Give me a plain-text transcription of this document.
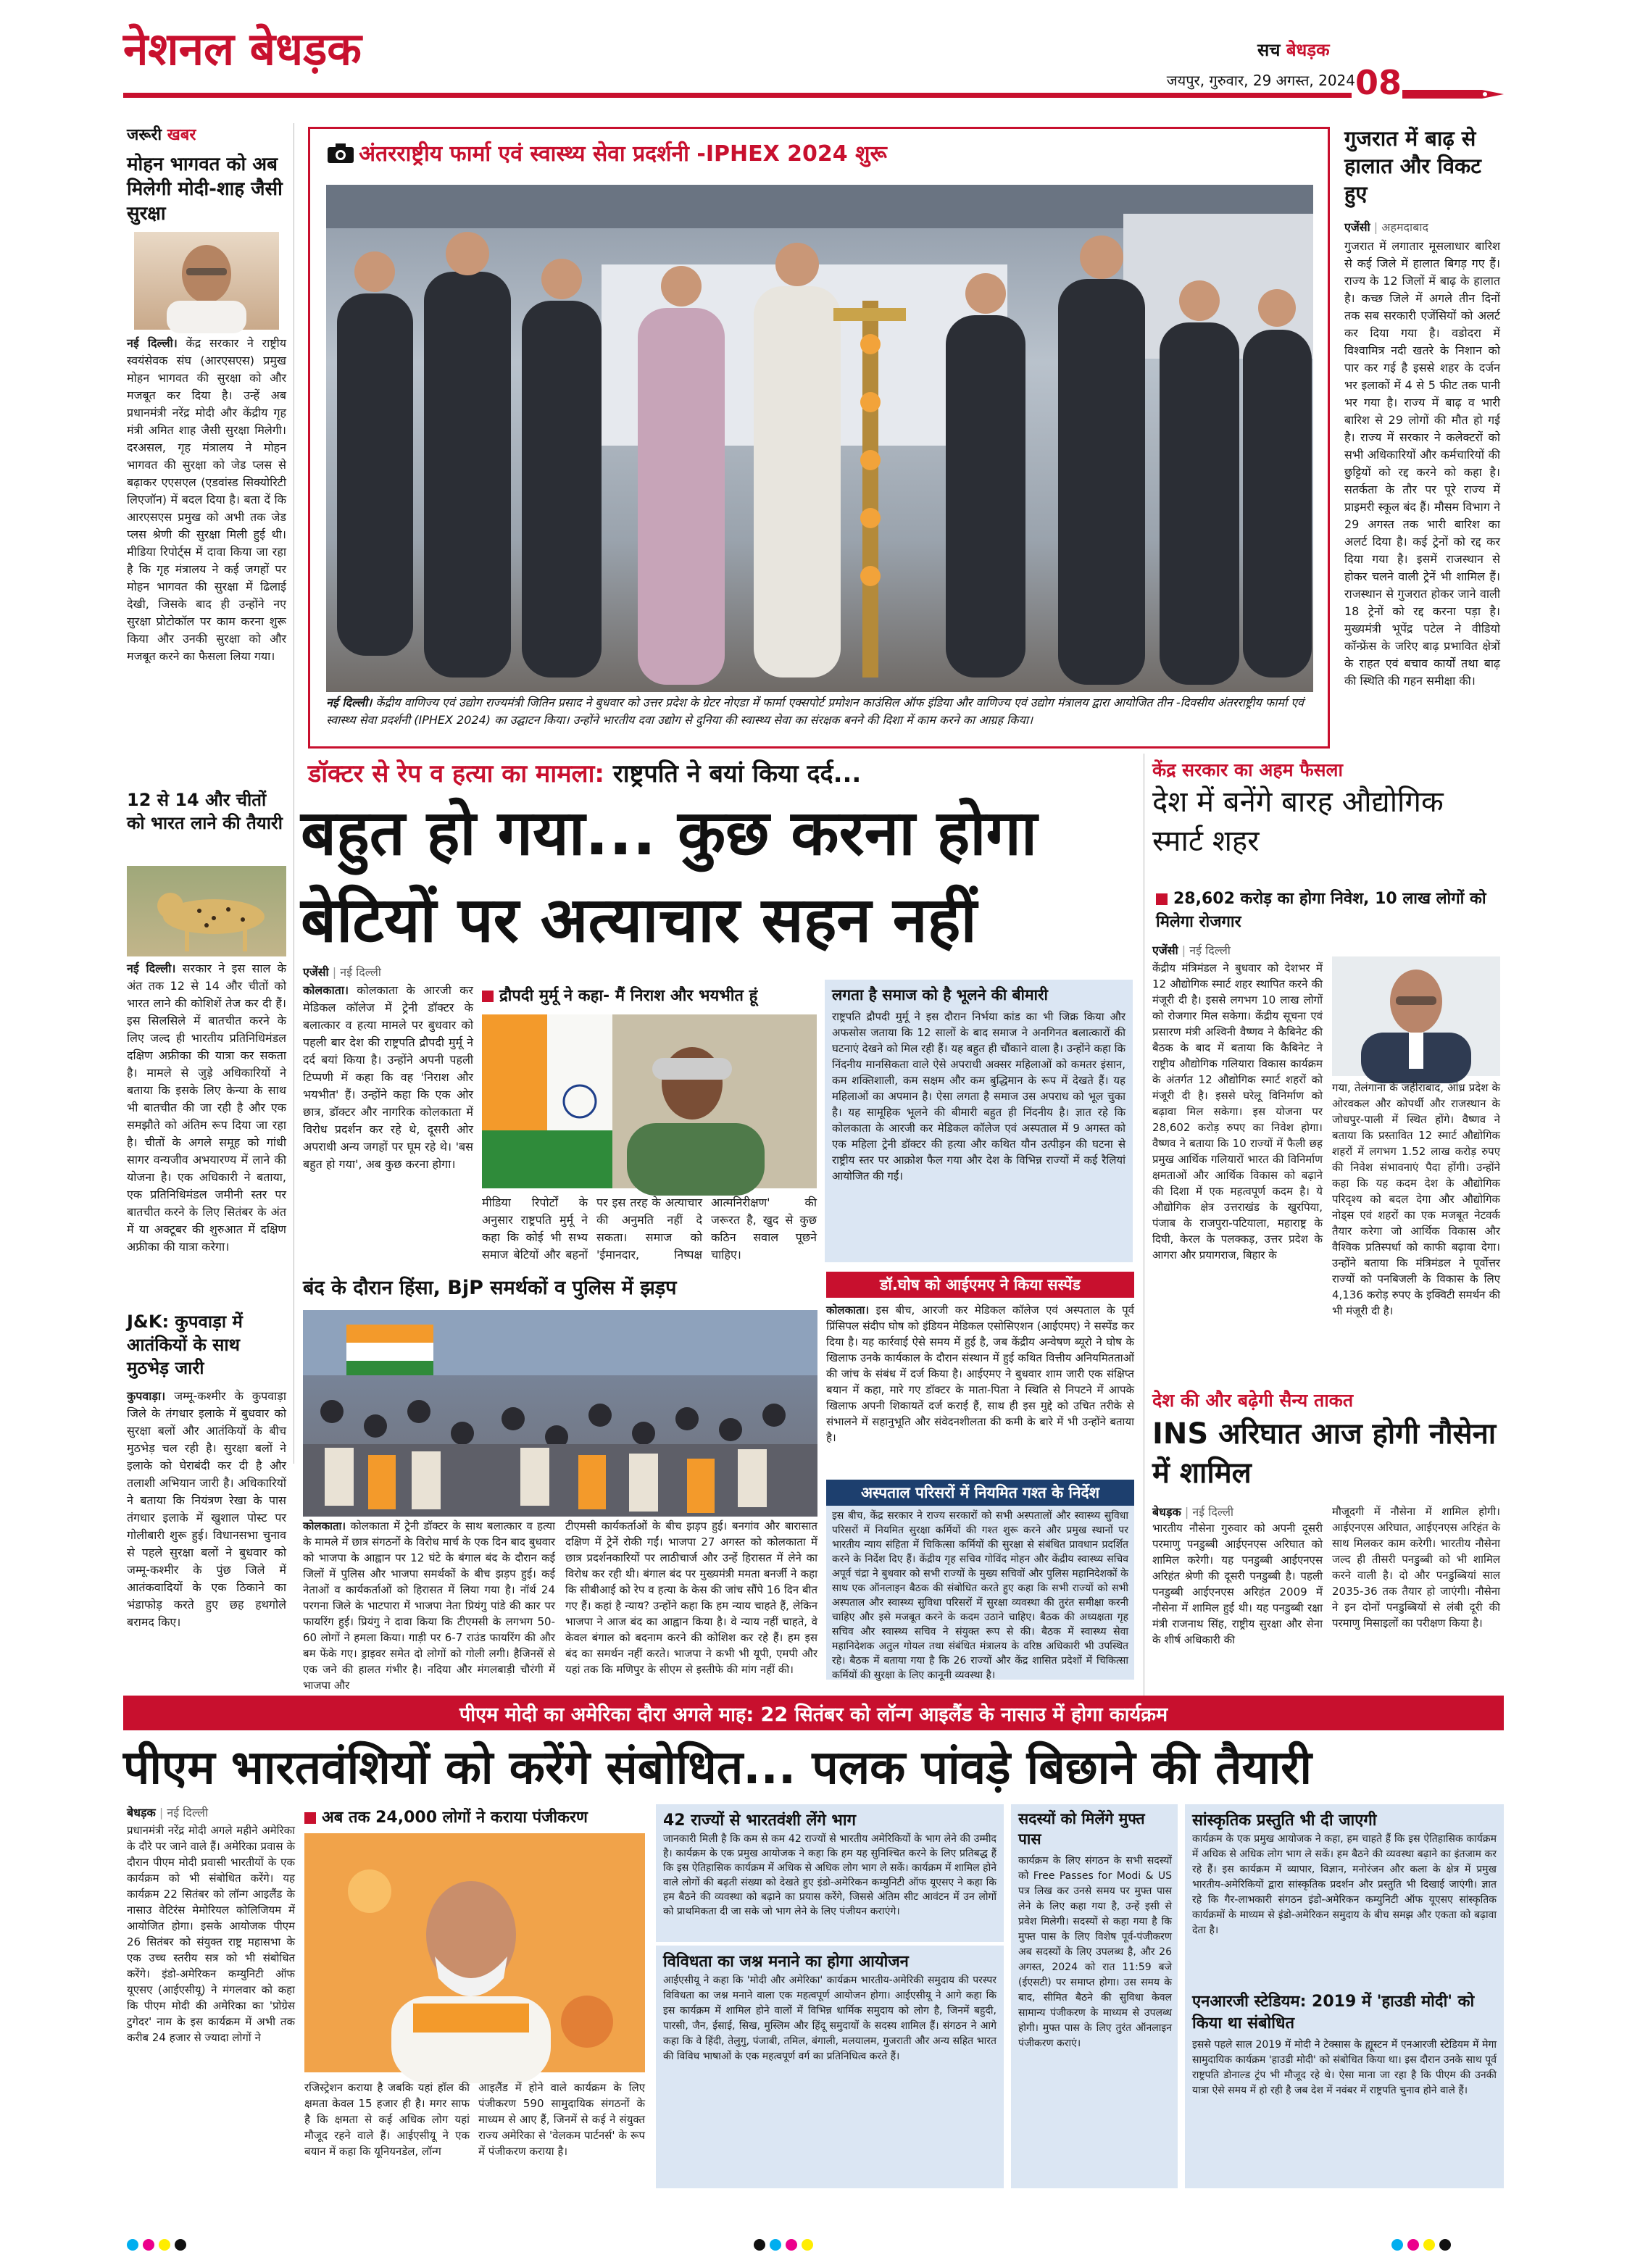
नेशनल बेधड़क	सच बेधड़क
जयपुर, गुरुवार, 29 अगस्त, 2024 08
जरूरी खबर
मोहन भागवत को अब मिलेगी मोदी-शाह जैसी सुरक्षा
नई दिल्ली। केंद्र सरकार ने राष्ट्रीय स्वयंसेवक संघ (आरएसएस) प्रमुख मोहन भागवत की सुरक्षा को और मजबूत कर दिया है। उन्हें अब प्रधानमंत्री नरेंद्र मोदी और केंद्रीय गृह मंत्री अमित शाह जैसी सुरक्षा मिलेगी। दरअसल, गृह मंत्रालय ने मोहन भागवत की सुरक्षा को जेड प्लस से बढ़ाकर एएसएल (एडवांस्ड सिक्योरिटी लिएजॉन) में बदल दिया है। बता दें कि आरएसएस प्रमुख को अभी तक जेड प्लस श्रेणी की सुरक्षा मिली हुई थी। मीडिया रिपोर्ट्स में दावा किया जा रहा है कि गृह मंत्रालय ने कई जगहों पर मोहन भागवत की सुरक्षा में ढिलाई देखी, जिसके बाद ही उन्होंने नए सुरक्षा प्रोटोकॉल पर काम करना शुरू किया और उनकी सुरक्षा को और मजबूत करने का फैसला लिया गया।
12 से 14 और चीतों को भारत लाने की तैयारी
नई दिल्ली। सरकार ने इस साल के अंत तक 12 से 14 और चीतों को भारत लाने की कोशिशें तेज कर दी हैं। इस सिलसिले में बातचीत करने के लिए जल्द ही भारतीय प्रतिनिधिमंडल दक्षिण अफ्रीका की यात्रा कर सकता है। मामले से जुड़े अधिकारियों ने बताया कि इसके लिए केन्या के साथ भी बातचीत की जा रही है और एक समझौते को अंतिम रूप दिया जा रहा है। चीतों के अगले समूह को गांधी सागर वन्यजीव अभयारण्य में लाने की योजना है। एक अधिकारी ने बताया, एक प्रतिनिधिमंडल जमीनी स्तर पर बातचीत करने के लिए सितंबर के अंत में या अक्टूबर की शुरुआत में दक्षिण अफ्रीका की यात्रा करेगा।
J&K: कुपवाड़ा में आतंकियों के साथ मुठभेड़ जारी
कुपवाड़ा। जम्मू-कश्मीर के कुपवाड़ा जिले के तंगधार इलाके में बुधवार को सुरक्षा बलों और आतंकियों के बीच मुठभेड़ चल रही है। सुरक्षा बलों ने इलाके को घेराबंदी कर दी है और तलाशी अभियान जारी है। अधिकारियों ने बताया कि नियंत्रण रेखा के पास तंगधार इलाके में खुशाल पोस्ट पर गोलीबारी शुरू हुई। विधानसभा चुनाव से पहले सुरक्षा बलों ने बुधवार को जम्मू-कश्मीर के पुंछ जिले में आतंकवादियों के एक ठिकाने का भंडाफोड़ करते हुए छह हथगोले बरामद किए।
अंतरराष्ट्रीय फार्मा एवं स्वास्थ्य सेवा प्रदर्शनी -IPHEX 2024 शुरू
नई दिल्ली। केंद्रीय वाणिज्य एवं उद्योग राज्यमंत्री जितिन प्रसाद ने बुधवार को उत्तर प्रदेश के ग्रेटर नोएडा में फार्मा एक्सपोर्ट प्रमोशन काउंसिल ऑफ इंडिया और वाणिज्य एवं उद्योग मंत्रालय द्वारा आयोजित तीन -दिवसीय अंतरराष्ट्रीय फार्मा एवं स्वास्थ्य सेवा प्रदर्शनी (IPHEX 2024) का उद्घाटन किया। उन्होंने भारतीय दवा उद्योग से दुनिया की स्वास्थ्य सेवा का संरक्षक बनने की दिशा में काम करने का आग्रह किया।
गुजरात में बाढ़ से हालात और विकट हुए
एजेंसी | अहमदाबाद
गुजरात में लगातार मूसलाधार बारिश से कई जिले में हालात बिगड़ गए हैं। राज्य के 12 जिलों में बाढ़ के हालात है। कच्छ जिले में अगले तीन दिनों तक सब सरकारी एजेंसियों को अलर्ट कर दिया गया है। वडोदरा में विश्वामित्र नदी खतरे के निशान को पार कर गई है इससे शहर के दर्जन भर इलाकों में 4 से 5 फीट तक पानी भर गया है। राज्य में बाढ़ व भारी बारिश से 29 लोगों की मौत हो गई है। राज्य में सरकार ने कलेक्टरों को सभी अधिकारियों और कर्मचारियों की छुट्टियों को रद्द करने को कहा है। सतर्कता के तौर पर पूरे राज्य में प्राइमरी स्कूल बंद हैं। मौसम विभाग ने 29 अगस्त तक भारी बारिश का अलर्ट दिया है। कई ट्रेनों को रद्द कर दिया गया है। इसमें राजस्थान से होकर चलने वाली ट्रेनें भी शामिल हैं। राजस्थान से गुजरात होकर जाने वाली 18 ट्रेनों को रद्द करना पड़ा है। मुख्यमंत्री भूपेंद्र पटेल ने वीडियो कॉन्फ्रेंस के जरिए बाढ़ प्रभावित क्षेत्रों के राहत एवं बचाव कार्यों तथा बाढ़ की स्थिति की गहन समीक्षा की।
डॉक्टर से रेप व हत्या का मामला: राष्ट्रपति ने बयां किया दर्द...
बहुत हो गया... कुछ करना होगा
बेटियों पर अत्याचार सहन नहीं
एजेंसी | नई दिल्ली
कोलकाता। कोलकाता के आरजी कर मेडिकल कॉलेज में ट्रेनी डॉक्टर के बलात्कार व हत्या मामले पर बुधवार को पहली बार देश की राष्ट्रपति द्रौपदी मुर्मू ने दर्द बयां किया है। उन्होंने अपनी पहली टिप्पणी में कहा कि वह 'निराश और भयभीत' हैं। उन्होंने कहा कि एक ओर छात्र, डॉक्टर और नागरिक कोलकाता में विरोध प्रदर्शन कर रहे थे, दूसरी ओर अपराधी अन्य जगहों पर घूम रहे थे। 'बस बहुत हो गया', अब कुछ करना होगा।
द्रौपदी मुर्मू ने कहा- मैं निराश और भयभीत हूं
मीडिया रिपोर्टों के अनुसार राष्ट्रपति मुर्मू ने कहा कि कोई भी सभ्य समाज बेटियों और बहनों पर इस तरह के अत्याचार की अनुमति नहीं दे सकता। समाज को 'ईमानदार, निष्पक्ष आत्मनिरीक्षण' की जरूरत है, खुद से कुछ कठिन सवाल पूछने चाहिए।
लगता है समाज को है भूलने की बीमारी
राष्ट्रपति द्रौपदी मुर्मू ने इस दौरान निर्भया कांड का भी जिक्र किया और अफसोस जताया कि 12 सालों के बाद समाज ने अनगिनत बलात्कारों की घटनाएं देखने को मिल रही हैं। यह बहुत ही चौंकाने वाला है। उन्होंने कहा कि निंदनीय मानसिकता वाले ऐसे अपराधी अक्सर महिलाओं को कमतर इंसान, कम शक्तिशाली, कम सक्षम और कम बुद्धिमान के रूप में देखते हैं। यह महिलाओं का अपमान है। ऐसा लगता है समाज उस अपराध को भूल चुका है। यह सामूहिक भूलने की बीमारी बहुत ही निंदनीय है। ज्ञात रहे कि कोलकाता के आरजी कर मेडिकल कॉलेज एवं अस्पताल में 9 अगस्त को एक महिला ट्रेनी डॉक्टर की हत्या और कथित यौन उत्पीड़न की घटना से राष्ट्रीय स्तर पर आक्रोश फैल गया और देश के विभिन्न राज्यों में कई रैलियां आयोजित की गईं।
बंद के दौरान हिंसा, BjP समर्थकों व पुलिस में झड़प
कोलकाता। कोलकाता में ट्रेनी डॉक्टर के साथ बलात्कार व हत्या के मामले में छात्र संगठनों के विरोध मार्च के एक दिन बाद बुधवार को भाजपा के आह्वान पर 12 घंटे के बंगाल बंद के दौरान कई जिलों में पुलिस और भाजपा समर्थकों के बीच झड़प हुई। कई नेताओं व कार्यकर्ताओं को हिरासत में लिया गया है। नॉर्थ 24 परगना जिले के भाटपारा में भाजपा नेता प्रियंगु पांडे की कार पर फायरिंग हुई। प्रियंगु ने दावा किया कि टीएमसी के लगभग 50-60 लोगों ने हमला किया। गाड़ी पर 6-7 राउंड फायरिंग की और बम फेंके गए। ड्राइवर समेत दो लोगों को गोली लगी। हैजिनसें से एक जने की हालत गंभीर है। नदिया और मंगलबाड़ी चौरंगी में भाजपा और
टीएमसी कार्यकर्ताओं के बीच झड़प हुई। बनगांव और बारासात दक्षिण में ट्रेनें रोकी गईं। भाजपा 27 अगस्त को कोलकाता में छात्र प्रदर्शनकारियों पर लाठीचार्ज और उन्हें हिरासत में लेने का विरोध कर रही थी। बंगाल बंद पर मुख्यमंत्री ममता बनर्जी ने कहा कि सीबीआई को रेप व हत्या के केस की जांच सौंपे 16 दिन बीत गए हैं। कहां है न्याय? उन्होंने कहा कि हम न्याय चाहते हैं, लेकिन भाजपा ने आज बंद का आह्वान किया है। वे न्याय नहीं चाहते, वे केवल बंगाल को बदनाम करने की कोशिश कर रहे हैं। हम इस बंद का समर्थन नहीं करते। भाजपा ने कभी भी यूपी, एमपी और यहां तक कि मणिपुर के सीएम से इस्तीफे की मांग नहीं की।
डॉ.घोष को आईएमए ने किया सस्पेंड
कोलकाता। इस बीच, आरजी कर मेडिकल कॉलेज एवं अस्पताल के पूर्व प्रिंसिपल संदीप घोष को इंडियन मेडिकल एसोसिएशन (आईएमए) ने सस्पेंड कर दिया है। यह कार्रवाई ऐसे समय में हुई है, जब केंद्रीय अन्वेषण ब्यूरो ने घोष के खिलाफ उनके कार्यकाल के दौरान संस्थान में हुई कथित वित्तीय अनियमितताओं की जांच के संबंध में दर्ज किया है। आईएमए ने बुधवार शाम जारी एक संक्षिप्त बयान में कहा, मारे गए डॉक्टर के माता-पिता ने स्थिति से निपटने में आपके खिलाफ अपनी शिकायतें दर्ज कराई हैं, साथ ही इस मुद्दे को उचित तरीके से संभालने में सहानुभूति और संवेदनशीलता की कमी के बारे में भी उन्होंने बताया है।
अस्पताल परिसरों में नियमित गश्त के निर्देश
इस बीच, केंद्र सरकार ने राज्य सरकारों को सभी अस्पतालों और स्वास्थ्य सुविधा परिसरों में नियमित सुरक्षा कर्मियों की गश्त शुरू करने और प्रमुख स्थानों पर भारतीय न्याय संहिता में चिकित्सा कर्मियों की सुरक्षा से संबंधित प्रावधान प्रदर्शित करने के निर्देश दिए हैं। केंद्रीय गृह सचिव गोविंद मोहन और केंद्रीय स्वास्थ्य सचिव अपूर्व चंद्रा ने बुधवार को सभी राज्यों के मुख्य सचिवों और पुलिस महानिदेशकों के साथ एक ऑनलाइन बैठक की संबोधित करते हुए कहा कि सभी राज्यों को सभी अस्पताल और स्वास्थ्य सुविधा परिसरों में सुरक्षा व्यवस्था की तुरंत समीक्षा करनी चाहिए और इसे मजबूत करने के कदम उठाने चाहिए। बैठक की अध्यक्षता गृह सचिव और स्वास्थ्य सचिव ने संयुक्त रूप से की। बैठक में स्वास्थ्य सेवा महानिदेशक अतुल गोयल तथा संबंधित मंत्रालय के वरिष्ठ अधिकारी भी उपस्थित रहे। बैठक में बताया गया है कि 26 राज्यों और केंद्र शासित प्रदेशों में चिकित्सा कर्मियों की सुरक्षा के लिए कानूनी व्यवस्था है।
केंद्र सरकार का अहम फैसला
देश में बनेंगे बारह औद्योगिक स्मार्ट शहर
28,602 करोड़ का होगा निवेश, 10 लाख लोगों को मिलेगा रोजगार
एजेंसी | नई दिल्ली
केंद्रीय मंत्रिमंडल ने बुधवार को देशभर में 12 औद्योगिक स्मार्ट शहर स्थापित करने की मंजूरी दी है। इससे लगभग 10 लाख लोगों को रोजगार मिल सकेगा। केंद्रीय सूचना एवं प्रसारण मंत्री अश्विनी वैष्णव ने कैबिनेट की बैठक के बाद में बताया कि कैबिनेट ने राष्ट्रीय औद्योगिक गलियारा विकास कार्यक्रम के अंतर्गत 12 औद्योगिक स्मार्ट शहरों को मंजूरी दी है। इससे घरेलू विनिर्माण को बढ़ावा मिल सकेगा। इस योजना पर 28,602 करोड़ रुपए का निवेश होगा। वैष्णव ने बताया कि 10 राज्यों में फैली छह प्रमुख आर्थिक गलियारों भारत की विनिर्माण क्षमताओं और आर्थिक विकास को बढ़ाने की दिशा में एक महत्वपूर्ण कदम है। ये औद्योगिक क्षेत्र उत्तराखंड के खुरपिया, पंजाब के राजपुरा-पटियाला, महाराष्ट्र के दिघी, केरल के पलक्कड़, उत्तर प्रदेश के आगरा और प्रयागराज, बिहार के
गया, तेलंगाना के जहीराबाद, आंध्र प्रदेश के ओरवकल और कोपर्थी और राजस्थान के जोधपुर-पाली में स्थित होंगे। वैष्णव ने बताया कि प्रस्तावित 12 स्मार्ट औद्योगिक शहरों में लगभग 1.52 लाख करोड़ रुपए की निवेश संभावनाएं पैदा होंगी। उन्होंने कहा कि यह कदम देश के औद्योगिक परिदृश्य को बदल देगा और औद्योगिक नोड्स एवं शहरों का एक मजबूत नेटवर्क तैयार करेगा जो आर्थिक विकास और वैश्विक प्रतिस्पर्धा को काफी बढ़ावा देगा। उन्होंने बताया कि मंत्रिमंडल ने पूर्वोत्तर राज्यों को पनबिजली के विकास के लिए 4,136 करोड़ रुपए के इक्विटी समर्थन की भी मंजूरी दी है।
देश की और बढ़ेगी सैन्य ताकत
INS अरिघात आज होगी नौसेना में शामिल
बेधड़क | नई दिल्ली
भारतीय नौसेना गुरुवार को अपनी दूसरी परमाणु पनडुब्बी आईएनएस अरिघात को शामिल करेगी। यह पनडुब्बी आईएनएस अरिहंत श्रेणी की दूसरी पनडुब्बी है। पहली पनडुब्बी आईएनएस अरिहंत 2009 में नौसेना में शामिल हुई थी। यह पनडुब्बी रक्षा मंत्री राजनाथ सिंह, राष्ट्रीय सुरक्षा और सेना के शीर्ष अधिकारी की
मौजूदगी में नौसेना में शामिल होगी। आईएनएस अरिघात, आईएनएस अरिहंत के साथ मिलकर काम करेगी। भारतीय नौसेना जल्द ही तीसरी पनडुब्बी को भी शामिल करने वाली है। दो और पनडुब्बियां साल 2035-36 तक तैयार हो जाएंगी। नौसेना ने इन दोनों पनडुब्बियों से लंबी दूरी की परमाणु मिसाइलों का परीक्षण किया है।
पीएम मोदी का अमेरिका दौरा अगले माह: 22 सितंबर को लॉन्ग आइलैंड के नासाउ में होगा कार्यक्रम
पीएम भारतवंशियों को करेंगे संबोधित... पलक पांवड़े बिछाने की तैयारी
बेधड़क | नई दिल्ली
प्रधानमंत्री नरेंद्र मोदी अगले महीने अमेरिका के दौरे पर जाने वाले हैं। अमेरिका प्रवास के दौरान पीएम मोदी प्रवासी भारतीयों के एक कार्यक्रम को भी संबोधित करेंगे। यह कार्यक्रम 22 सितंबर को लॉन्ग आइलैंड के नासाउ वेटिरंस मेमोरियल कोलिजियम में आयोजित होगा। इसके आयोजक पीएम 26 सितंबर को संयुक्त राष्ट्र महासभा के एक उच्च स्तरीय सत्र को भी संबोधित करेंगे। इंडो-अमेरिकन कम्युनिटी ऑफ यूएसए (आईएसीयू) ने मंगलवार को कहा कि पीएम मोदी की अमेरिका का 'प्रोग्रेस टुगेदर' नाम के इस कार्यक्रम में अभी तक करीब 24 हजार से ज्यादा लोगों ने
अब तक 24,000 लोगों ने कराया पंजीकरण
रजिस्ट्रेशन कराया है जबकि यहां हॉल की क्षमता केवल 15 हजार ही है। मगर साफ है कि क्षमता से कई अधिक लोग यहां मौजूद रहने वाले हैं। आईएसीयू ने एक बयान में कहा कि यूनियनडेल, लॉन्ग
आइलैंड में होने वाले कार्यक्रम के लिए पंजीकरण 590 सामुदायिक संगठनों के माध्यम से आए हैं, जिनमें से कई ने संयुक्त राज्य अमेरिका से 'वेलकम पार्टनर्स' के रूप में पंजीकरण कराया है।
42 राज्यों से भारतवंशी लेंगे भाग
जानकारी मिली है कि कम से कम 42 राज्यों से भारतीय अमेरिकियों के भाग लेने की उम्मीद है। कार्यक्रम के एक प्रमुख आयोजक ने कहा कि हम यह सुनिश्चित करने के लिए प्रतिबद्ध हैं कि इस ऐतिहासिक कार्यक्रम में अधिक से अधिक लोग भाग ले सकें। कार्यक्रम में शामिल होने वाले लोगों की बढ़ती संख्या को देखते हुए इंडो-अमेरिकन कम्युनिटी ऑफ यूएसए ने कहा कि हम बैठने की व्यवस्था को बढ़ाने का प्रयास करेंगे, जिससे अंतिम सीट आवंटन में उन लोगों को प्राथमिकता दी जा सके जो भाग लेने के लिए पंजीयन कराएंगे।
विविधता का जश्न मनाने का होगा आयोजन
आईएसीयू ने कहा कि 'मोदी और अमेरिका' कार्यक्रम भारतीय-अमेरिकी समुदाय की परस्पर विविधता का जश्न मनाने वाला एक महत्वपूर्ण आयोजन होगा। आईएसीयू ने आगे कहा कि इस कार्यक्रम में शामिल होने वालों में विभिन्न धार्मिक समुदाय को लोग है, जिनमें बहुदी, पारसी, जैन, ईसाई, सिख, मुस्लिम और हिंदू समुदायों के सदस्य शामिल हैं। संगठन ने आगे कहा कि वे हिंदी, तेलुगु, पंजाबी, तमिल, बंगाली, मलयालम, गुजराती और अन्य सहित भारत की विविध भाषाओं के एक महत्वपूर्ण वर्ग का प्रतिनिधित्व करते हैं।
सदस्यों को मिलेंगे मुफ्त पास
कार्यक्रम के लिए संगठन के सभी सदस्यों को Free Passes for Modi & US पत्र लिख कर उनसे समय पर मुफ्त पास लेने के लिए कहा गया है, उन्हें इसी से प्रवेश मिलेगी। सदस्यों से कहा गया है कि मुफ्त पास के लिए विशेष पूर्व-पंजीकरण अब सदस्यों के लिए उपलब्ध है, और 26 अगस्त, 2024 को रात 11:59 बजे (ईएसटी) पर समाप्त होगा। उस समय के बाद, सीमित बैठने की सुविधा केवल सामान्य पंजीकरण के माध्यम से उपलब्ध होगी। मुफ्त पास के लिए तुरंत ऑनलाइन पंजीकरण कराएं।
सांस्कृतिक प्रस्तुति भी दी जाएगी
कार्यक्रम के एक प्रमुख आयोजक ने कहा, हम चाहते हैं कि इस ऐतिहासिक कार्यक्रम में अधिक से अधिक लोग भाग ले सकें। हम बैठने की व्यवस्था बढ़ाने का इंतजाम कर रहे हैं। इस कार्यक्रम में व्यापार, विज्ञान, मनोरंजन और कला के क्षेत्र में प्रमुख भारतीय-अमेरिकियों द्वारा सांस्कृतिक प्रदर्शन और प्रस्तुति भी दिखाई जाएंगी। ज्ञात रहे कि गैर-लाभकारी संगठन इंडो-अमेरिकन कम्युनिटी ऑफ यूएसए सांस्कृतिक कार्यक्रमों के माध्यम से इंडो-अमेरिकन समुदाय के बीच समझ और एकता को बढ़ावा देता है।
एनआरजी स्टेडियम: 2019 में 'हाउडी मोदी' को किया था संबोधित
इससे पहले साल 2019 में मोदी ने टेक्सास के ह्यूस्टन में एनआरजी स्टेडियम में मेगा सामुदायिक कार्यक्रम 'हाउडी मोदी' को संबोधित किया था। इस दौरान उनके साथ पूर्व राष्ट्रपति डोनाल्ड ट्रंप भी मौजूद रहे थे। ऐसा माना जा रहा है कि पीएम की उनकी यात्रा ऐसे समय में हो रही है जब देश में नवंबर में राष्ट्रपति चुनाव होने वाले हैं।
